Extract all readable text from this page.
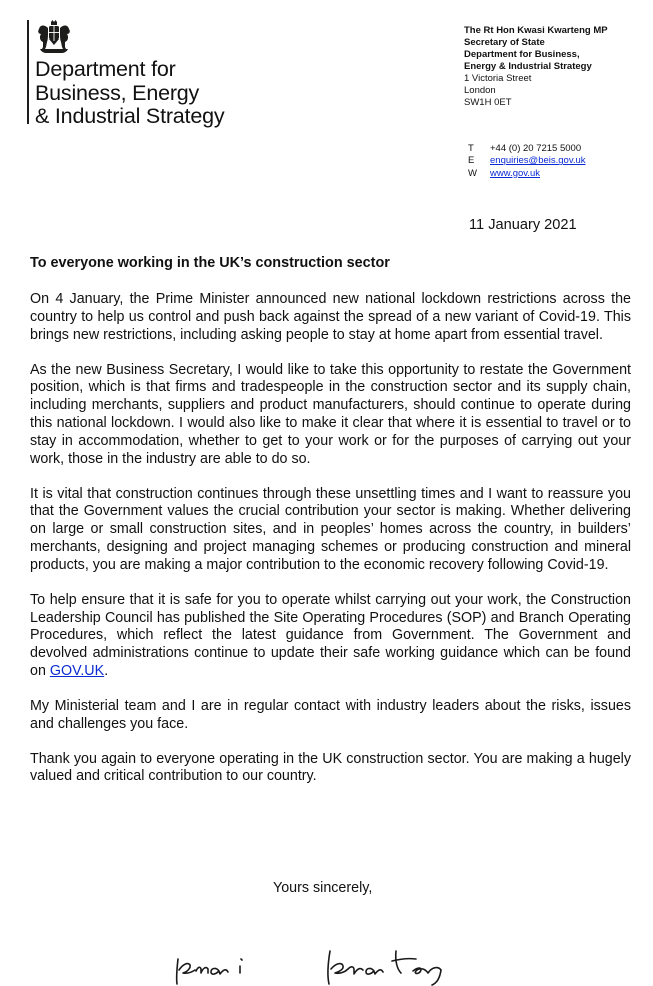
Department for
Business, Energy
& Industrial Strategy
The Rt Hon Kwasi Kwarteng MP
Secretary of State
Department for Business,
Energy & Industrial Strategy
1 Victoria Street
London
SW1H 0ET
T	+44 (0) 20 7215 5000
E	enquiries@beis.gov.uk
W	www.gov.uk
11 January 2021
To everyone working in the UK’s construction sector

On 4 January, the Prime Minister announced new national lockdown restrictions across the country to help us control and push back against the spread of a new variant of Covid-19. This brings new restrictions, including asking people to stay at home apart from essential travel.

As the new Business Secretary, I would like to take this opportunity to restate the Government position, which is that firms and tradespeople in the construction sector and its supply chain, including merchants, suppliers and product manufacturers, should continue to operate during this national lockdown. I would also like to make it clear that where it is essential to travel or to stay in accommodation, whether to get to your work or for the purposes of carrying out your work, those in the industry are able to do so.

It is vital that construction continues through these unsettling times and I want to reassure you that the Government values the crucial contribution your sector is making. Whether delivering on large or small construction sites, and in peoples’ homes across the country, in builders’ merchants, designing and project managing schemes or producing construction and mineral products, you are making a major contribution to the economic recovery following Covid-19.

To help ensure that it is safe for you to operate whilst carrying out your work, the Construction Leadership Council has published the Site Operating Procedures (SOP) and Branch Operating Procedures, which reflect the latest guidance from Government. The Government and devolved administrations continue to update their safe working guidance which can be found on GOV.UK.

My Ministerial team and I are in regular contact with industry leaders about the risks, issues and challenges you face.

Thank you again to everyone operating in the UK construction sector. You are making a hugely valued and critical contribution to our country.

Yours sincerely,
